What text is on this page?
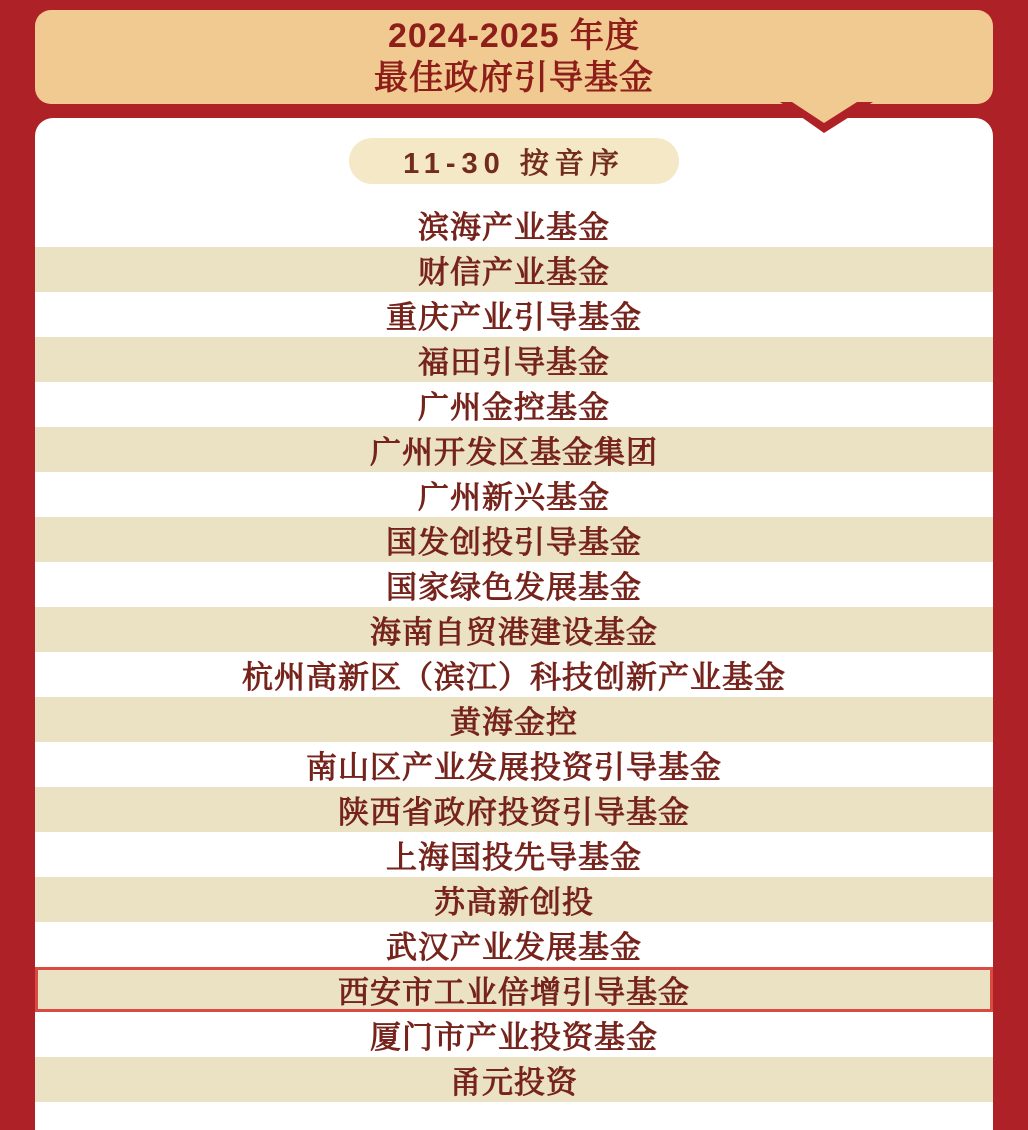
2024-2025 年度
最佳政府引导基金
11-30 按音序
滨海产业基金
财信产业基金
重庆产业引导基金
福田引导基金
广州金控基金
广州开发区基金集团
广州新兴基金
国发创投引导基金
国家绿色发展基金
海南自贸港建设基金
杭州高新区（滨江）科技创新产业基金
黄海金控
南山区产业发展投资引导基金
陕西省政府投资引导基金
上海国投先导基金
苏高新创投
武汉产业发展基金
西安市工业倍增引导基金
厦门市产业投资基金
甬元投资
